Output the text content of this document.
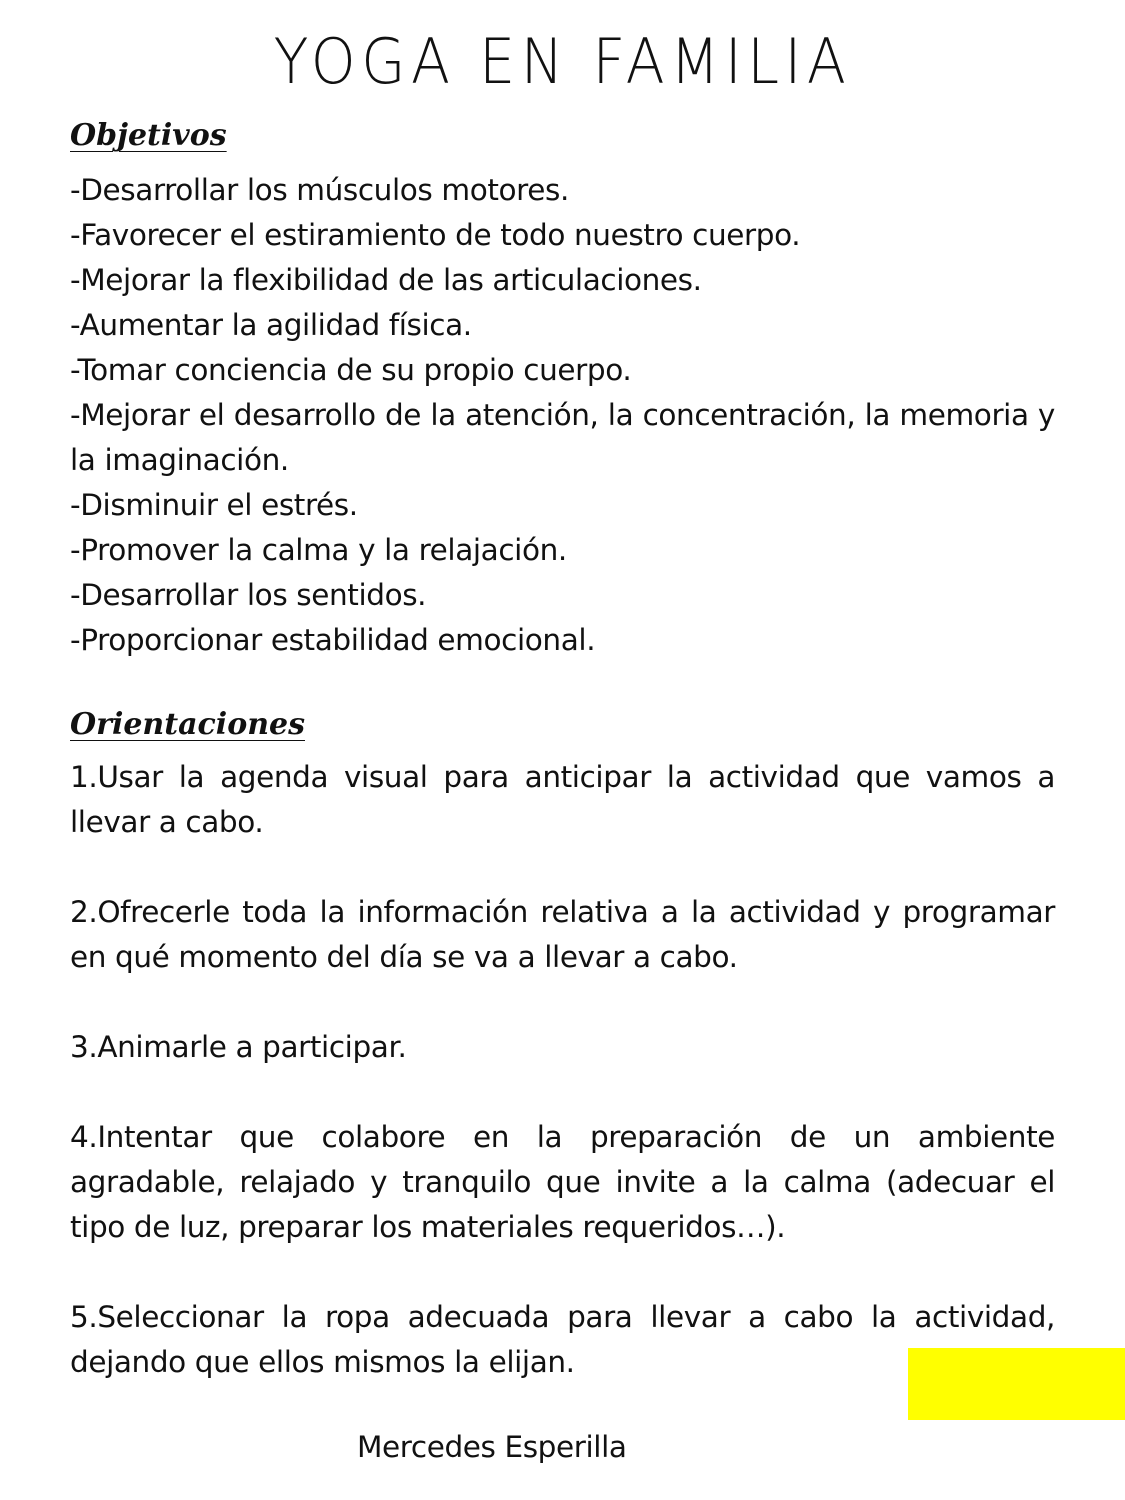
YOGA EN FAMILIA
Objetivos
-Desarrollar los músculos motores.
-Favorecer el estiramiento de todo nuestro cuerpo.
-Mejorar la flexibilidad de las articulaciones.
-Aumentar la agilidad física.
-Tomar conciencia de su propio cuerpo.
-Mejorar el desarrollo de la atención, la concentración, la memoria y la imaginación.
-Disminuir el estrés.
-Promover la calma y la relajación.
-Desarrollar los sentidos.
-Proporcionar estabilidad emocional.
Orientaciones
1.Usar la agenda visual para anticipar la actividad que vamos a llevar a cabo.
2.Ofrecerle toda la información relativa a la actividad y programar en qué momento del día se va a llevar a cabo.
3.Animarle a participar.
4.Intentar que colabore en la preparación de un ambiente agradable, relajado y tranquilo que invite a la calma (adecuar el tipo de luz, preparar los materiales requeridos…).
5.Seleccionar la ropa adecuada para llevar a cabo la actividad, dejando que ellos mismos la elijan.

Mercedes Esperilla
